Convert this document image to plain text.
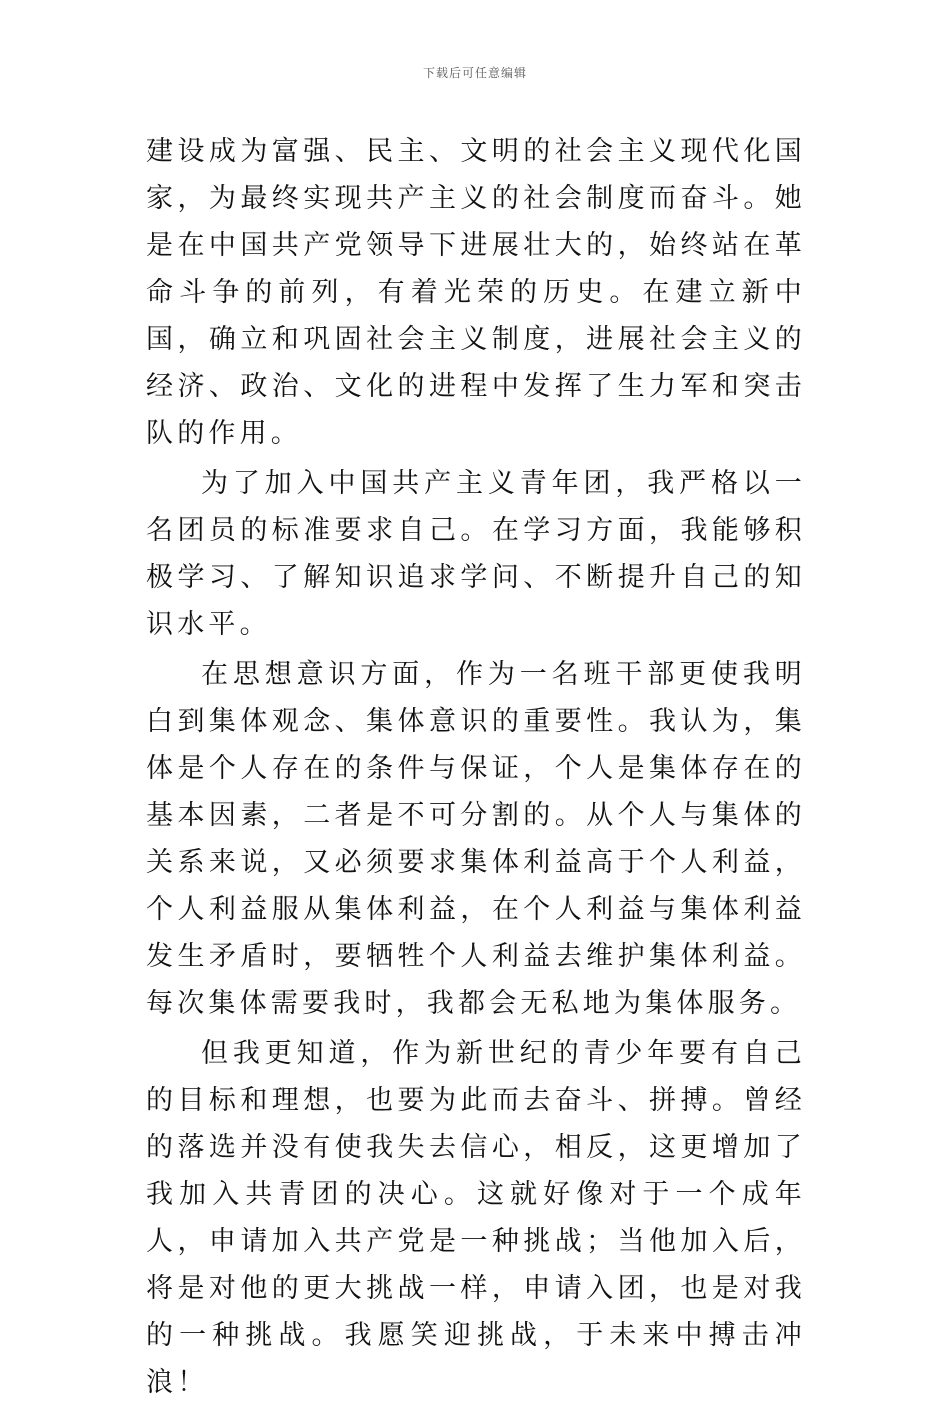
下载后可任意编辑

建设成为富强、民主、文明的社会主义现代化国家，为最终实现共产主义的社会制度而奋斗。她是在中国共产党领导下进展壮大的，始终站在革命斗争的前列，有着光荣的历史。在建立新中国，确立和巩固社会主义制度，进展社会主义的经济、政治、文化的进程中发挥了生力军和突击队的作用。

为了加入中国共产主义青年团，我严格以一名团员的标准要求自己。在学习方面，我能够积极学习、了解知识追求学问、不断提升自己的知识水平。

在思想意识方面，作为一名班干部更使我明白到集体观念、集体意识的重要性。我认为，集体是个人存在的条件与保证，个人是集体存在的基本因素，二者是不可分割的。从个人与集体的关系来说，又必须要求集体利益高于个人利益，个人利益服从集体利益，在个人利益与集体利益发生矛盾时，要牺牲个人利益去维护集体利益。每次集体需要我时，我都会无私地为集体服务。

但我更知道，作为新世纪的青少年要有自己的目标和理想，也要为此而去奋斗、拼搏。曾经的落选并没有使我失去信心，相反，这更增加了我加入共青团的决心。这就好像对于一个成年人，申请加入共产党是一种挑战；当他加入后，将是对他的更大挑战一样，申请入团，也是对我的一种挑战。我愿笑迎挑战，于未来中搏击冲浪！
